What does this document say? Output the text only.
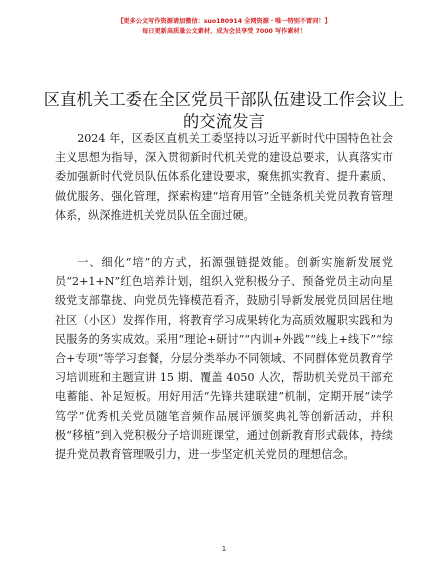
【更多公文写作资源请加微信：suo180914 全网资源・唯一特别不雷同！】
每日更新高质量公文素材，成为会员享受 7000 写作素材！
区直机关工委在全区党员干部队伍建设工作会议上的交流发言

2024 年，区委区直机关工委坚持以习近平新时代中国特色社会主义思想为指导，深入贯彻新时代机关党的建设总要求，认真落实市委加强新时代党员队伍体系化建设要求，聚焦抓实教育、提升素质、做优服务、强化管理，探索构建“培育用管”全链条机关党员教育管理体系，纵深推进机关党员队伍全面过硬。

一、细化“培”的方式，拓源强链提效能。创新实施新发展党员“2+1+N”红色培养计划，组织入党积极分子、预备党员主动向星级党支部靠拢、向党员先锋模范看齐，鼓励引导新发展党员回居住地社区（小区）发挥作用，将教育学习成果转化为高质效履职实践和为民服务的务实成效。采用“理论+研讨”“内训+外践”“线上+线下”“综合+专项”等学习套餐，分层分类举办不同领域、不同群体党员教育学习培训班和主题宣讲 15 期、覆盖 4050 人次，帮助机关党员干部充电蓄能、补足短板。用好用活“先锋共建联建”机制，定期开展“读学笃学”优秀机关党员随笔音频作品展评颁奖典礼等创新活动，并积极“移植”到入党积极分子培训班课堂，通过创新教育形式载体，持续提升党员教育管理吸引力，进一步坚定机关党员的理想信念。

1
